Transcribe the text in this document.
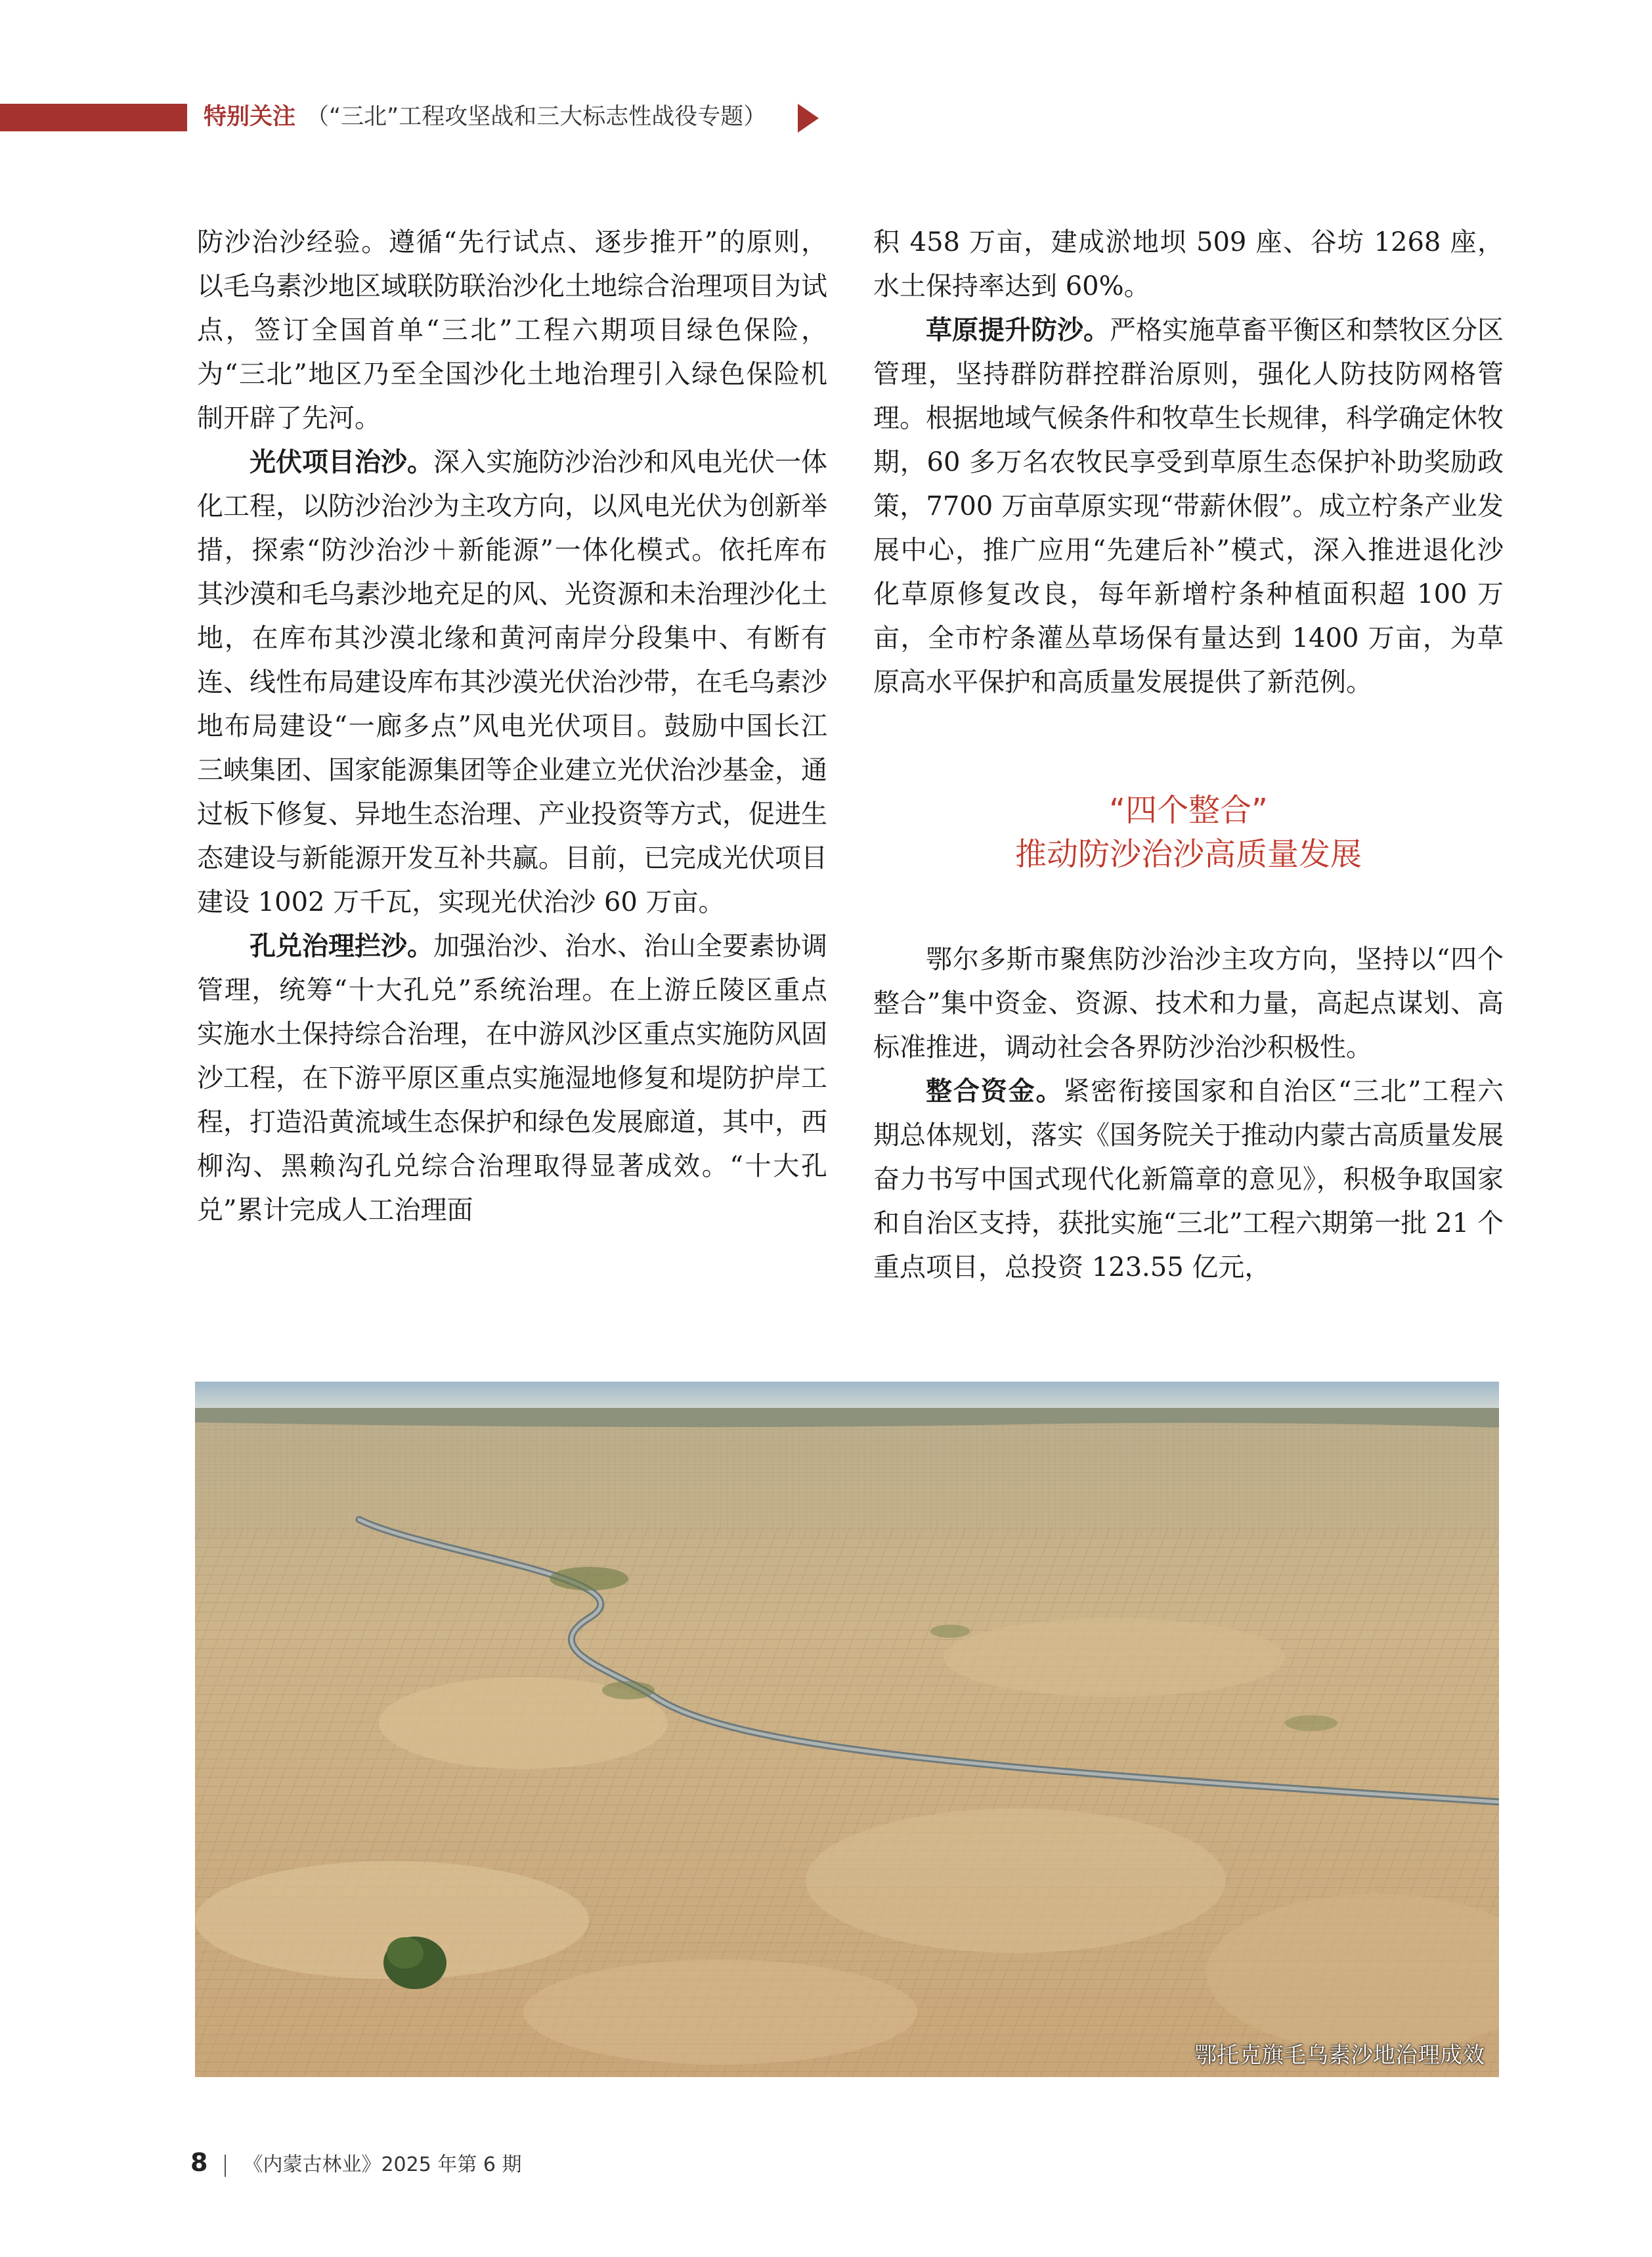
特别关注 （“三北”工程攻坚战和三大标志性战役专题）

防沙治沙经验。遵循“先行试点、逐步推开”的原则，以毛乌素沙地区域联防联治沙化土地综合治理项目为试点，签订全国首单“三北”工程六期项目绿色保险，为“三北”地区乃至全国沙化土地治理引入绿色保险机制开辟了先河。

光伏项目治沙。深入实施防沙治沙和风电光伏一体化工程，以防沙治沙为主攻方向，以风电光伏为创新举措，探索“防沙治沙＋新能源”一体化模式。依托库布其沙漠和毛乌素沙地充足的风、光资源和未治理沙化土地，在库布其沙漠北缘和黄河南岸分段集中、有断有连、线性布局建设库布其沙漠光伏治沙带，在毛乌素沙地布局建设“一廊多点”风电光伏项目。鼓励中国长江三峡集团、国家能源集团等企业建立光伏治沙基金，通过板下修复、异地生态治理、产业投资等方式，促进生态建设与新能源开发互补共赢。目前，已完成光伏项目建设 1002 万千瓦，实现光伏治沙 60 万亩。

孔兑治理拦沙。加强治沙、治水、治山全要素协调管理，统筹“十大孔兑”系统治理。在上游丘陵区重点实施水土保持综合治理，在中游风沙区重点实施防风固沙工程，在下游平原区重点实施湿地修复和堤防护岸工程，打造沿黄流域生态保护和绿色发展廊道，其中，西柳沟、黑赖沟孔兑综合治理取得显著成效。“十大孔兑”累计完成人工治理面

积 458 万亩，建成淤地坝 509 座、谷坊 1268 座，水土保持率达到 60%。

草原提升防沙。严格实施草畜平衡区和禁牧区分区管理，坚持群防群控群治原则，强化人防技防网格管理。根据地域气候条件和牧草生长规律，科学确定休牧期，60 多万名农牧民享受到草原生态保护补助奖励政策，7700 万亩草原实现“带薪休假”。成立柠条产业发展中心，推广应用“先建后补”模式，深入推进退化沙化草原修复改良，每年新增柠条种植面积超 100 万亩，全市柠条灌丛草场保有量达到 1400 万亩，为草原高水平保护和高质量发展提供了新范例。

“四个整合”
推动防沙治沙高质量发展

鄂尔多斯市聚焦防沙治沙主攻方向，坚持以“四个整合”集中资金、资源、技术和力量，高起点谋划、高标准推进，调动社会各界防沙治沙积极性。

整合资金。紧密衔接国家和自治区“三北”工程六期总体规划，落实《国务院关于推动内蒙古高质量发展奋力书写中国式现代化新篇章的意见》，积极争取国家和自治区支持，获批实施“三北”工程六期第一批 21 个重点项目，总投资 123.55 亿元，

鄂托克旗毛乌素沙地治理成效
8 《内蒙古林业》2025 年第 6 期
